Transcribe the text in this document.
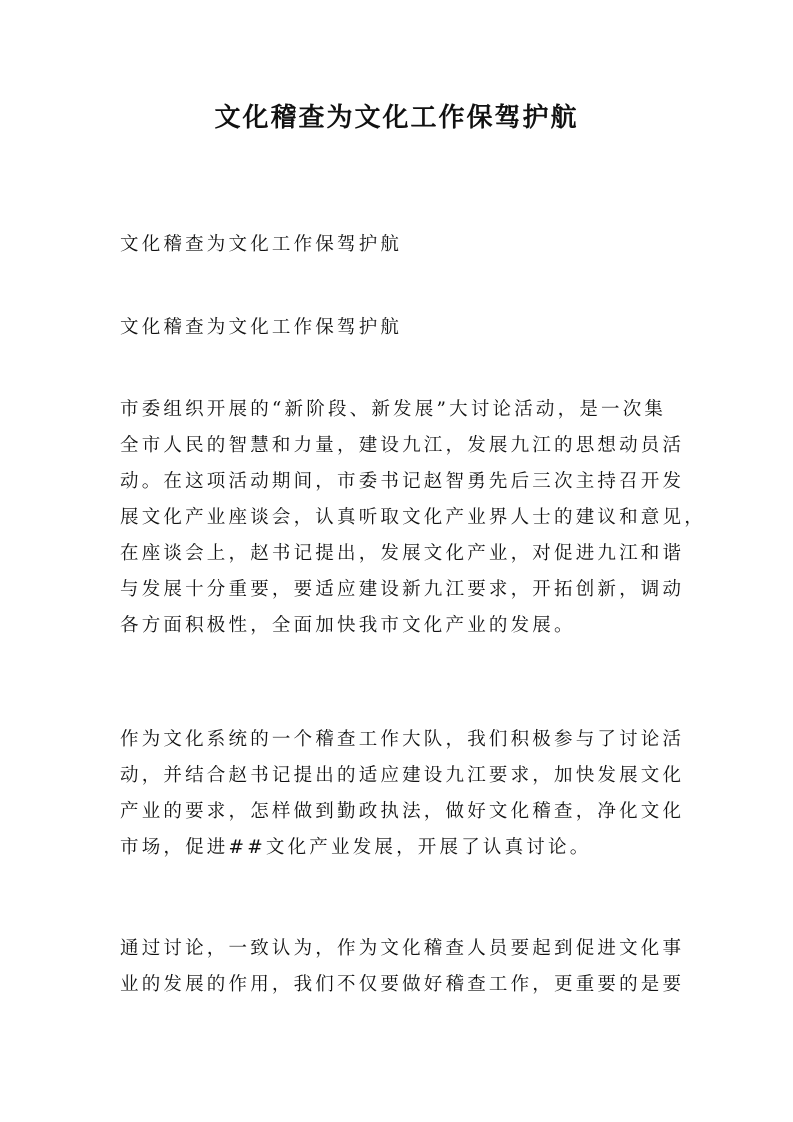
文化稽查为文化工作保驾护航
文化稽查为文化工作保驾护航
文化稽查为文化工作保驾护航
市委组织开展的“新阶段、新发展”大讨论活动，是一次集
全市人民的智慧和力量，建设九江，发展九江的思想动员活
动。在这项活动期间，市委书记赵智勇先后三次主持召开发
展文化产业座谈会，认真听取文化产业界人士的建议和意见，
在座谈会上，赵书记提出，发展文化产业，对促进九江和谐
与发展十分重要，要适应建设新九江要求，开拓创新，调动
各方面积极性，全面加快我市文化产业的发展。
作为文化系统的一个稽查工作大队，我们积极参与了讨论活
动，并结合赵书记提出的适应建设九江要求，加快发展文化
产业的要求，怎样做到勤政执法，做好文化稽查，净化文化
市场，促进##文化产业发展，开展了认真讨论。
通过讨论，一致认为，作为文化稽查人员要起到促进文化事
业的发展的作用，我们不仅要做好稽查工作，更重要的是要
